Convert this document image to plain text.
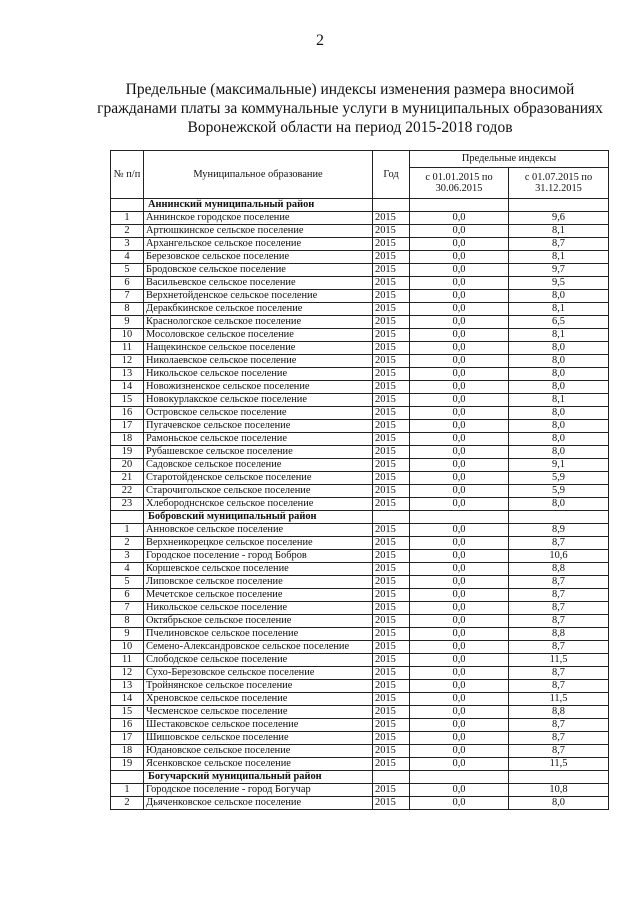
2
Предельные (максимальные) индексы изменения размера вносимой
гражданами платы за коммунальные услуги в муниципальных образованиях
Воронежской области на период 2015-2018 годов
№ п/п	Муниципальное образование	Год	Предельные индексы	
			с 01.01.2015 по 30.06.2015	с 01.07.2015 по 31.12.2015
	Аннинский муниципальный район			
1	Аннинское городское поселение	2015	0,0	9,6
2	Артюшкинское сельское поселение	2015	0,0	8,1
3	Архангельское сельское поселение	2015	0,0	8,7
4	Березовское сельское поселение	2015	0,0	8,1
5	Бродовское сельское поселение	2015	0,0	9,7
6	Васильевское сельское поселение	2015	0,0	9,5
7	Верхнетойденское сельское поселение	2015	0,0	8,0
8	Деракбкинское сельское поселение	2015	0,0	8,1
9	Краснологское сельское поселение	2015	0,0	6,5
10	Мосоловское сельское поселение	2015	0,0	8,1
11	Нащекинское сельское поселение	2015	0,0	8,0
12	Николаевское сельское поселение	2015	0,0	8,0
13	Никольское сельское поселение	2015	0,0	8,0
14	Новожизненское сельское поселение	2015	0,0	8,0
15	Новокурлакское сельское поселение	2015	0,0	8,1
16	Островское сельское поселение	2015	0,0	8,0
17	Пугачевское сельское поселение	2015	0,0	8,0
18	Рамоньское сельское поселение	2015	0,0	8,0
19	Рубашевское сельское поселение	2015	0,0	8,0
20	Садовское сельское поселение	2015	0,0	9,1
21	Старотойденское сельское поселение	2015	0,0	5,9
22	Старочигольское сельское поселение	2015	0,0	5,9
23	Хлебороднснское сельское поселение	2015	0,0	8,0
	Бобровский муниципальный район			
1	Анновское сельское поселение	2015	0,0	8,9
2	Верхнеикорецкое сельское поселение	2015	0,0	8,7
3	Городское поселение - город Бобров	2015	0,0	10,6
4	Коршевское сельское поселение	2015	0,0	8,8
5	Липовское сельское поселение	2015	0,0	8,7
6	Мечетское сельское поселение	2015	0,0	8,7
7	Никольское сельское поселение	2015	0,0	8,7
8	Октябрьское сельское поселение	2015	0,0	8,7
9	Пчелиновское сельское поселение	2015	0,0	8,8
10	Семено-Александровское сельское поселение	2015	0,0	8,7
11	Слободское сельское поселение	2015	0,0	11,5
12	Сухо-Березовское сельское поселение	2015	0,0	8,7
13	Тройнянское сельское поселение	2015	0,0	8,7
14	Хреновское сельское поселение	2015	0,0	11,5
15	Чесменское сельское поселение	2015	0,0	8,8
16	Шестаковское сельское поселение	2015	0,0	8,7
17	Шишовское сельское поселение	2015	0,0	8,7
18	Юдановское сельское поселение	2015	0,0	8,7
19	Ясенковское сельское поселение	2015	0,0	11,5
	Богучарский муниципальный район			
1	Городское поселение - город Богучар	2015	0,0	10,8
2	Дьяченковское сельское поселение	2015	0,0	8,0
